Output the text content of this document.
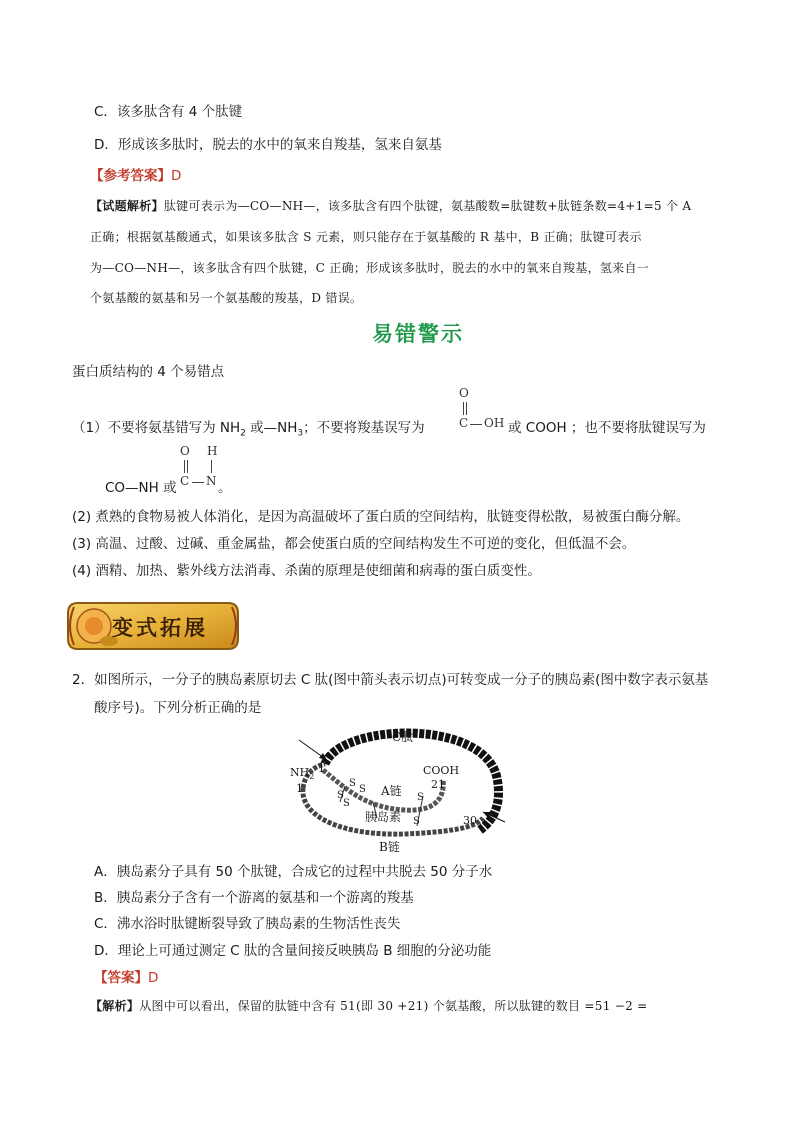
C．该多肽含有 4 个肽键
D．形成该多肽时，脱去的水中的氧来自羧基，氢来自氨基
【参考答案】D
【试题解析】肽键可表示为—CO—NH—，该多肽含有四个肽键，氨基酸数=肽键数+肽链条数=4+1=5 个 A
正确；根据氨基酸通式，如果该多肽含 S 元素，则只能存在于氨基酸的 R 基中，B 正确；肽键可表示
为—CO—NH—，该多肽含有四个肽键，C 正确；形成该多肽时，脱去的水中的氧来自羧基，氢来自一
个氨基酸的氨基和另一个氨基酸的羧基，D 错误。
易错警示
蛋白质结构的 4 个易错点
（1）不要将氨基错写为 $NH_2$ 或$—NH_3$；不要将羧基误写为
O
C OH 或 COOH ；也不要将肽键误写为
CO—NH 或
O
C
H
N 。
(2) 煮熟的食物易被人体消化，是因为高温破坏了蛋白质的空间结构，肽链变得松散，易被蛋白酶分解。
(3) 高温、过酸、过碱、重金属盐，都会使蛋白质的空间结构发生不可逆的变化，但低温不会。
(4) 酒精、加热、紫外线方法消毒、杀菌的原理是使细菌和病毒的蛋白质变性。
变式拓展
2．如图所示，一分子的胰岛素原切去 C 肽(图中箭头表示切点)可转变成一分子的胰岛素(图中数字表示氨基
酸序号)。下列分析正确的是
C肽
$NH_2$
1
1
COOH
21
A链
胰岛素
B链
30
S
S
S
S
S
S
A．胰岛素分子具有 50 个肽键，合成它的过程中共脱去 50 分子水
B．胰岛素分子含有一个游离的氨基和一个游离的羧基
C．沸水浴时肽键断裂导致了胰岛素的生物活性丧失
D．理论上可通过测定 C 肽的含量间接反映胰岛 B 细胞的分泌功能
【答案】D
【解析】从图中可以看出，保留的肽链中含有 51(即 30 +21) 个氨基酸，所以肽键的数目 =51 −2 =
